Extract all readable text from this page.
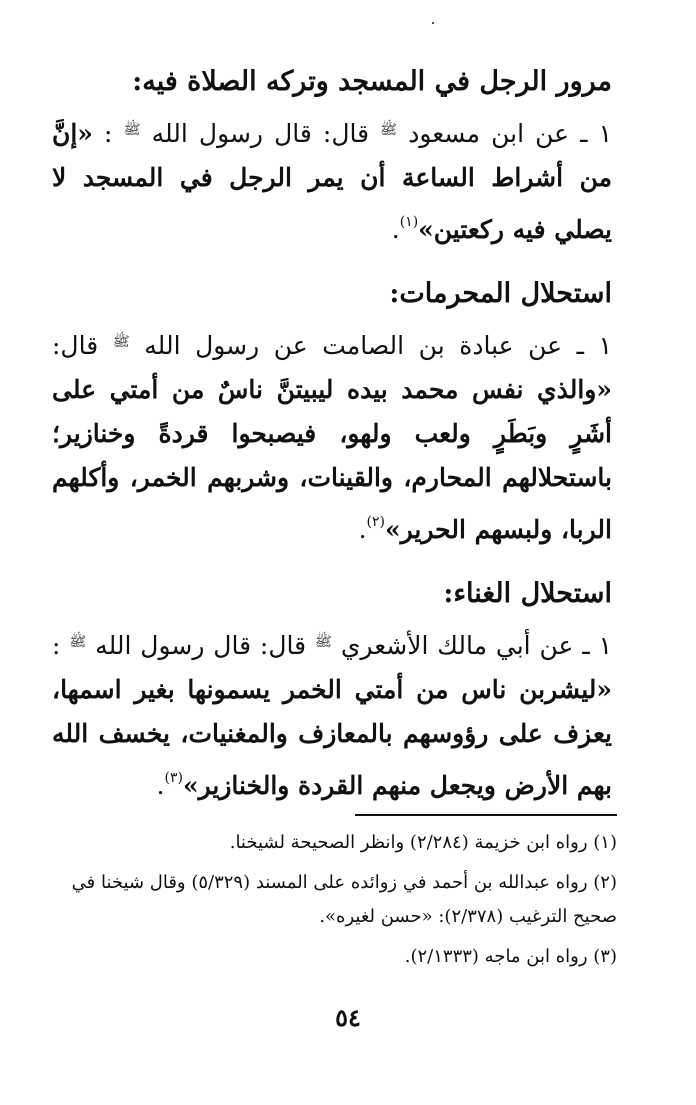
مرور الرجل في المسجد وتركه الصلاة فيه:

١ ـ عن ابن مسعود $^ﷺ$ قال: قال رسول الله $^ﷺ$ : «إنَّ من أشراط الساعة أن يمر الرجل في المسجد لا يصلي فيه ركعتين»$^{(١)}$.

استحلال المحرمات:

١ ـ عن عبادة بن الصامت عن رسول الله $^ﷺ$ قال: «والذي نفس محمد بيده ليبيتنَّ ناسٌ من أمتي على أشَرٍ وبَطَرٍ ولعب ولهو، فيصبحوا قردةً وخنازير؛ باستحلالهم المحارم، والقينات، وشربهم الخمر، وأكلهم الربا، ولبسهم الحرير»$^{(٢)}$.

استحلال الغناء:

١ ـ عن أبي مالك الأشعري $^ﷺ$ قال: قال رسول الله $^ﷺ$ : «ليشربن ناس من أمتي الخمر يسمونها بغير اسمها، يعزف على رؤوسهم بالمعازف والمغنيات، يخسف الله بهم الأرض ويجعل منهم القردة والخنازير»$^{(٣)}$.

(١) رواه ابن خزيمة (٢/٢٨٤) وانظر الصحيحة لشيخنا.

(٢) رواه عبدالله بن أحمد في زوائده على المسند (٥/٣٢٩) وقال شيخنا في صحيح الترغيب (٢/٣٧٨): «حسن لغيره».

(٣) رواه ابن ماجه (٢/١٣٣٣).

٥٤
